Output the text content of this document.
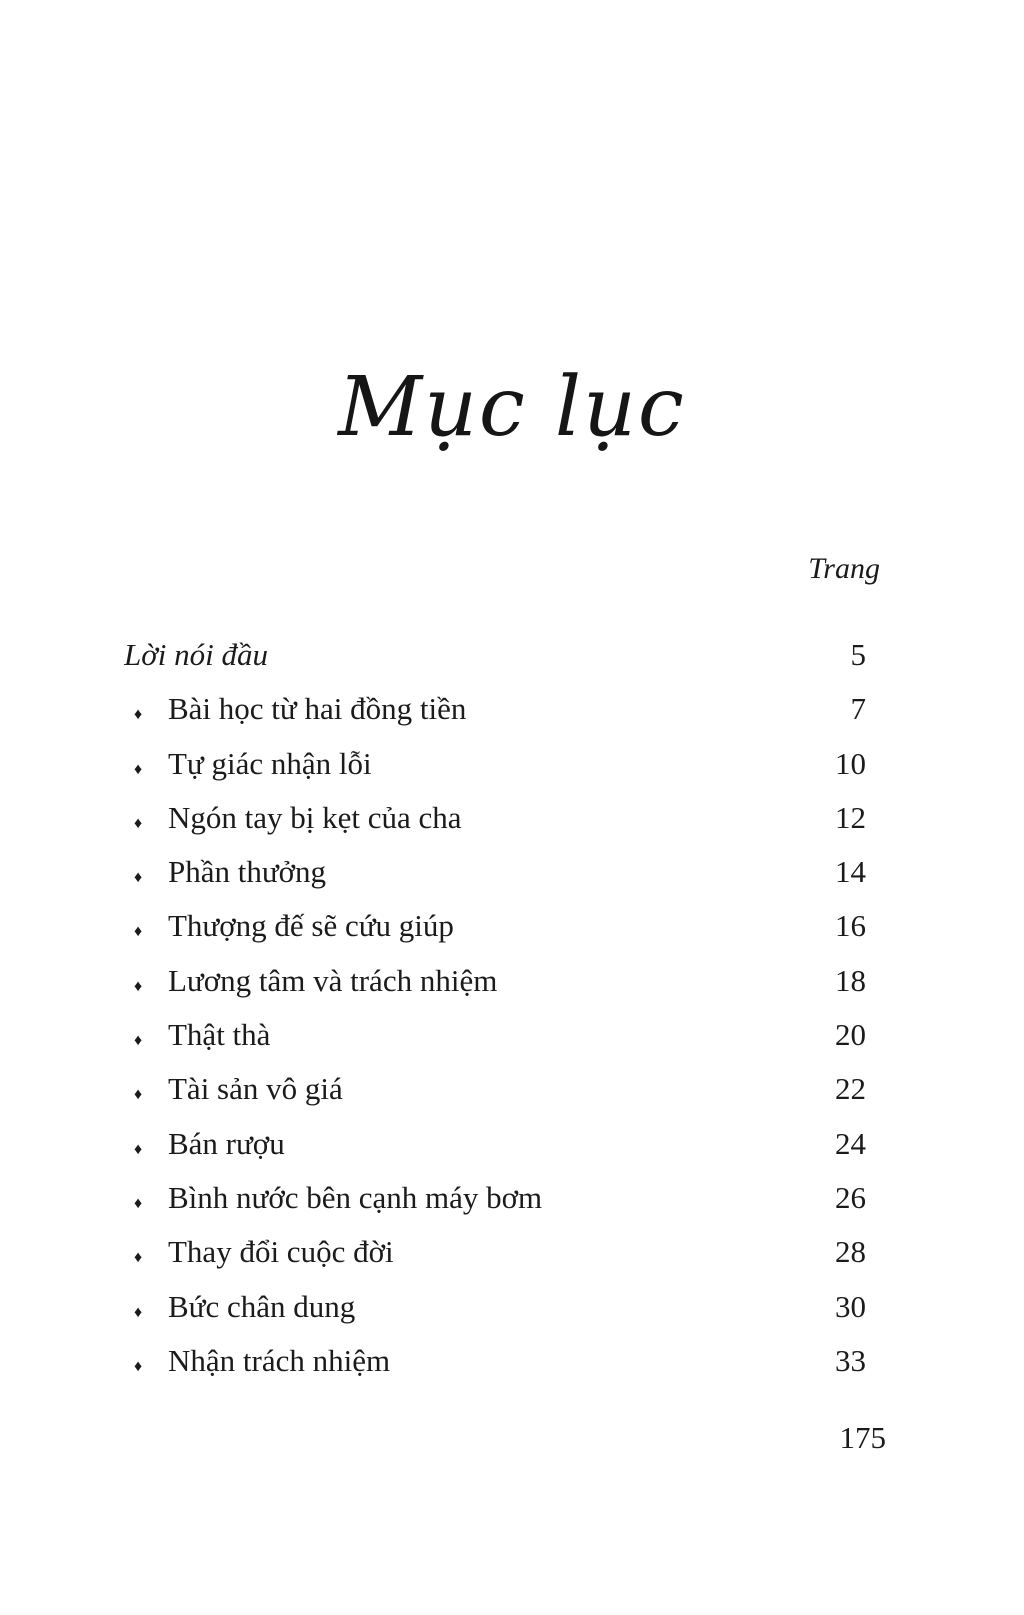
Mục lục
Trang
Lời nói đầu	5
♦ Bài học từ hai đồng tiền	7
♦ Tự giác nhận lỗi	10
♦ Ngón tay bị kẹt của cha	12
♦ Phần thưởng	14
♦ Thượng đế sẽ cứu giúp	16
♦ Lương tâm và trách nhiệm	18
♦ Thật thà	20
♦ Tài sản vô giá	22
♦ Bán rượu	24
♦ Bình nước bên cạnh máy bơm	26
♦ Thay đổi cuộc đời	28
♦ Bức chân dung	30
♦ Nhận trách nhiệm	33
175
